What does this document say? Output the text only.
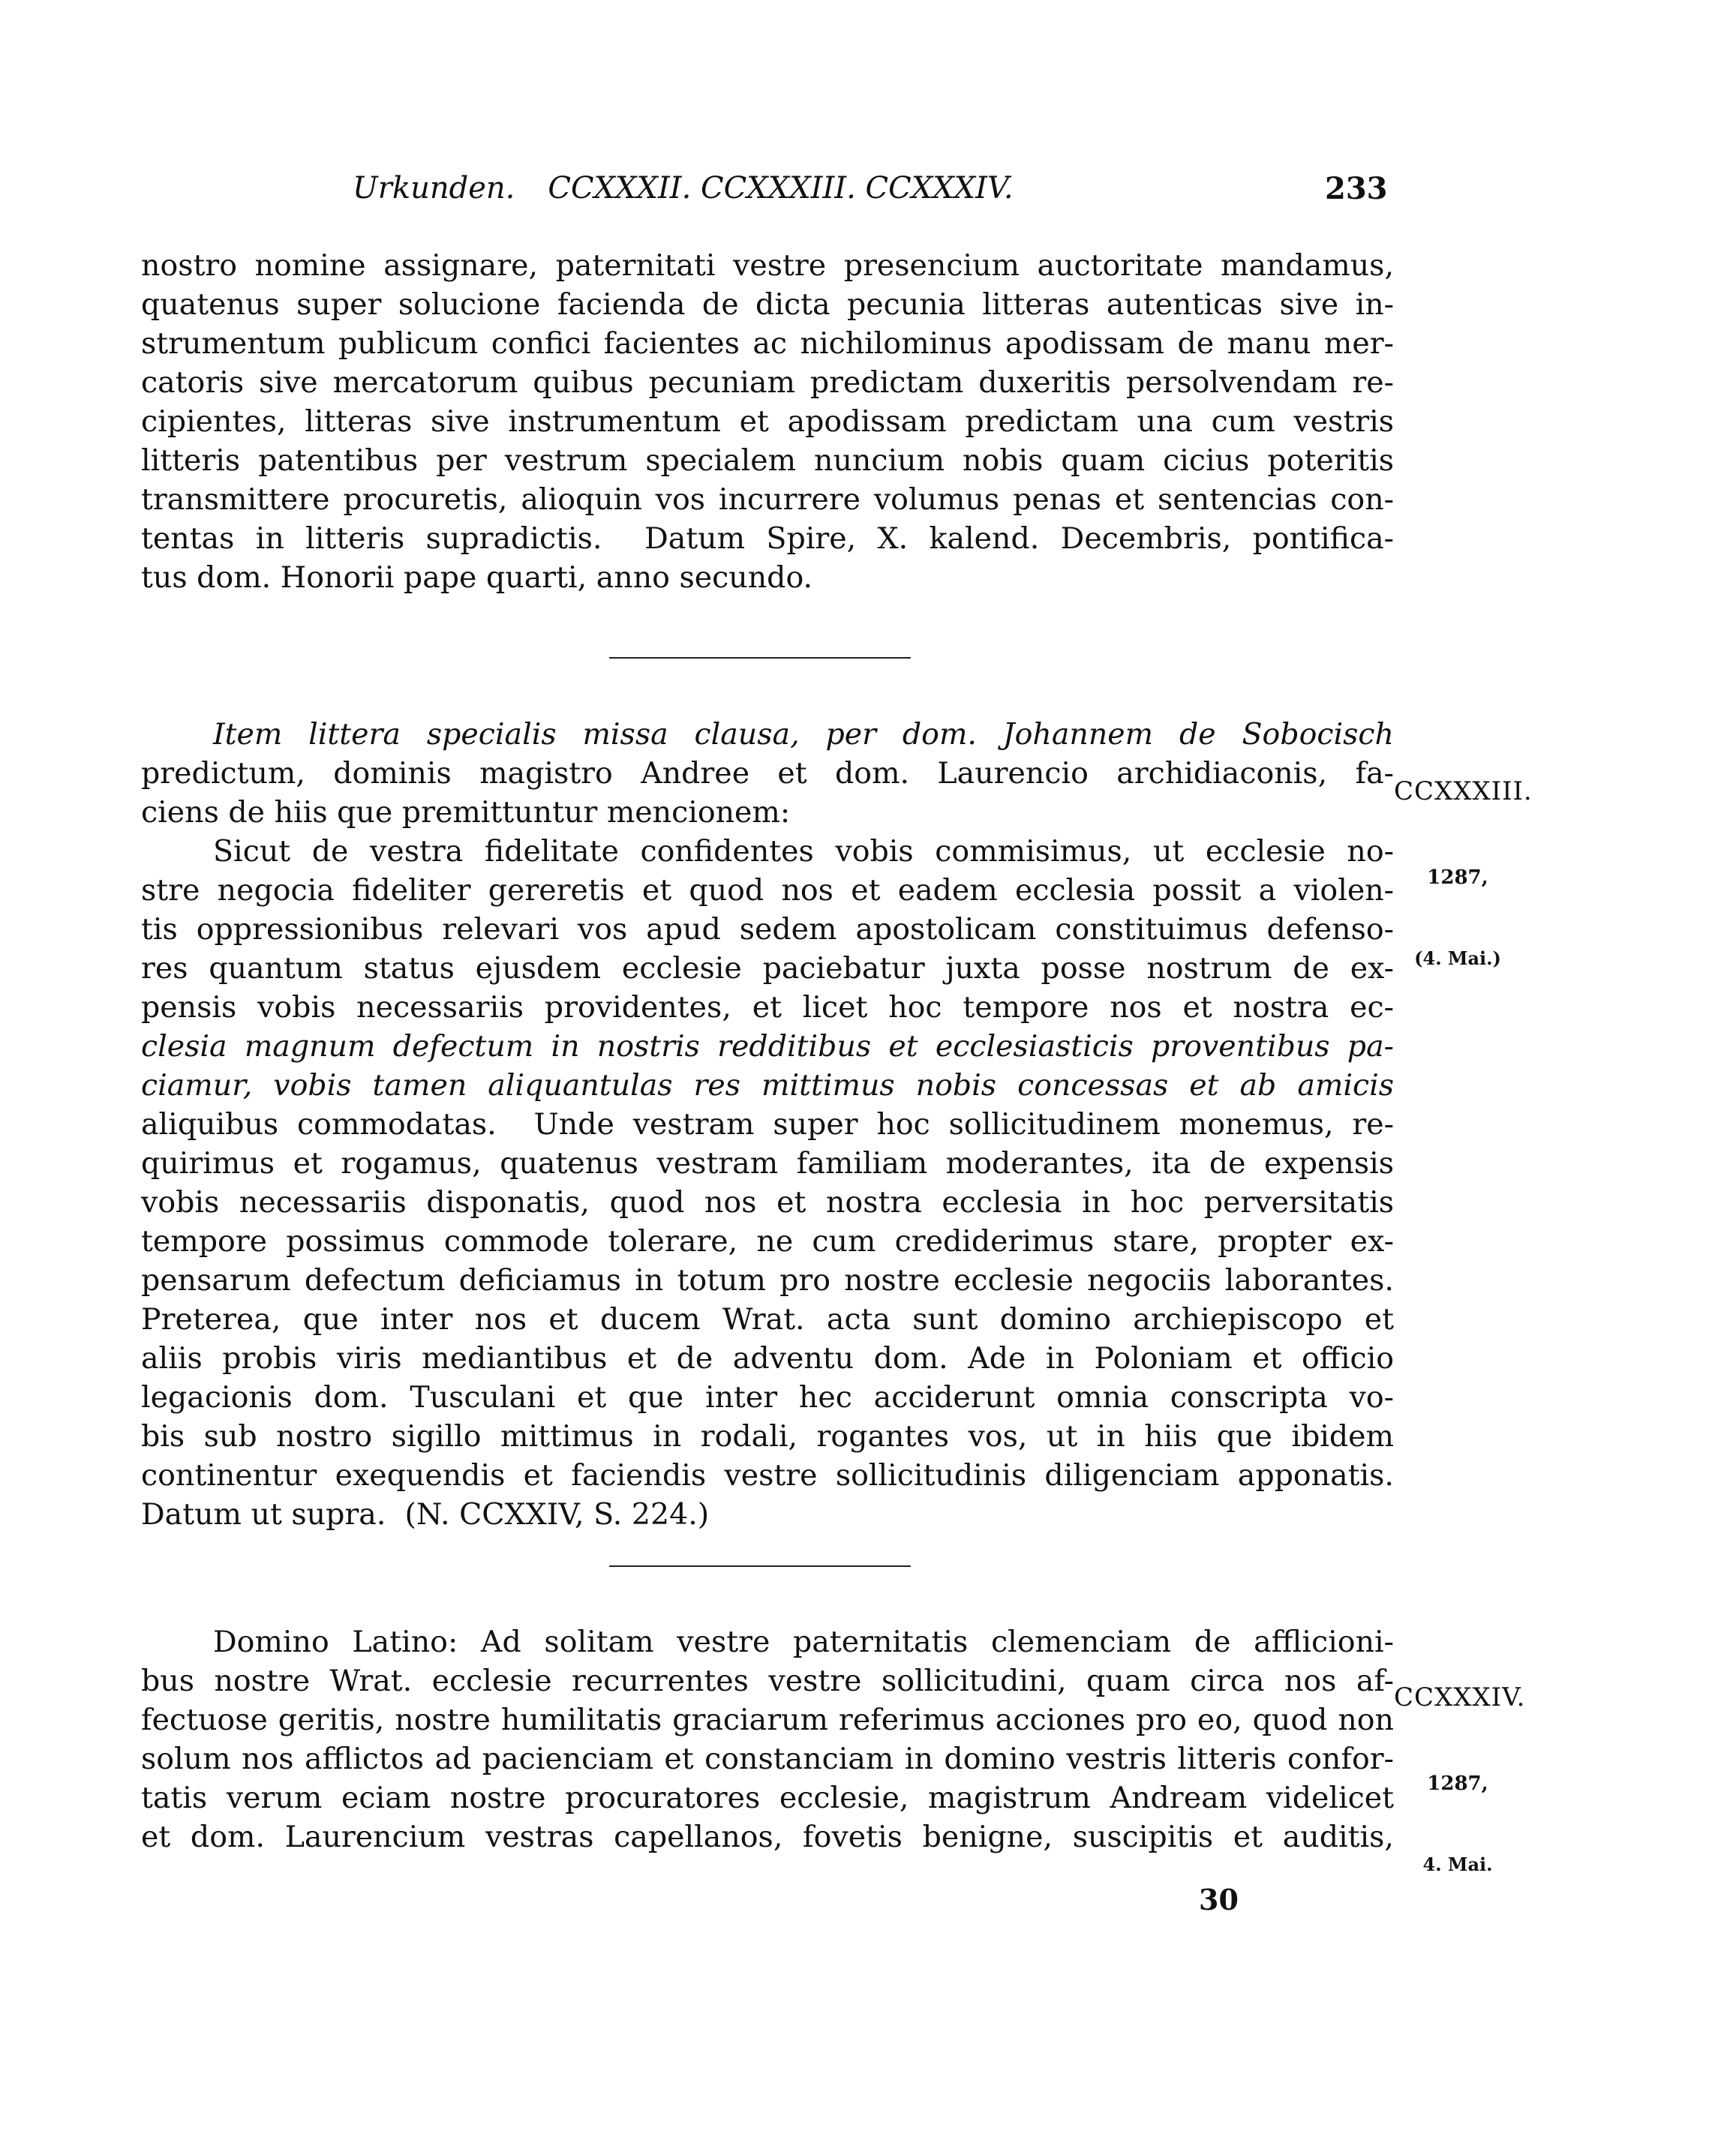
Urkunden. CCXXXII. CCXXXIII. CCXXXIV.	233
nostro nomine assignare, paternitati vestre presencium auctoritate mandamus,
quatenus super solucione facienda de dicta pecunia litteras autenticas sive in-
strumentum publicum confici facientes ac nichilominus apodissam de manu mer-
catoris sive mercatorum quibus pecuniam predictam duxeritis persolvendam re-
cipientes, litteras sive instrumentum et apodissam predictam una cum vestris
litteris patentibus per vestrum specialem nuncium nobis quam cicius poteritis
transmittere procuretis, alioquin vos incurrere volumus penas et sentencias con-
tentas in litteris supradictis.  Datum Spire, X. kalend. Decembris, pontifica-
tus dom. Honorii pape quarti, anno secundo.

CCXXXIII.

1287,

(4. Mai.)

Item littera specialis missa clausa, per dom. Johannem de Sobocisch
predictum, dominis magistro Andree et dom. Laurencio archidiaconis, fa-
ciens de hiis que premittuntur mencionem:
Sicut de vestra fidelitate confidentes vobis commisimus, ut ecclesie no-
stre negocia fideliter gereretis et quod nos et eadem ecclesia possit a violen-
tis oppressionibus relevari vos apud sedem apostolicam constituimus defenso-
res quantum status ejusdem ecclesie paciebatur juxta posse nostrum de ex-
pensis vobis necessariis providentes, et licet hoc tempore nos et nostra ec-
clesia magnum defectum in nostris redditibus et ecclesiasticis proventibus pa-
ciamur, vobis tamen aliquantulas res mittimus nobis concessas et ab amicis
aliquibus commodatas.  Unde vestram super hoc sollicitudinem monemus, re-
quirimus et rogamus, quatenus vestram familiam moderantes, ita de expensis
vobis necessariis disponatis, quod nos et nostra ecclesia in hoc perversitatis
tempore possimus commode tolerare, ne cum crediderimus stare, propter ex-
pensarum defectum deficiamus in totum pro nostre ecclesie negociis laborantes.
Preterea, que inter nos et ducem Wrat. acta sunt domino archiepiscopo et
aliis probis viris mediantibus et de adventu dom. Ade in Poloniam et officio
legacionis dom. Tusculani et que inter hec acciderunt omnia conscripta vo-
bis sub nostro sigillo mittimus in rodali, rogantes vos, ut in hiis que ibidem
continentur exequendis et faciendis vestre sollicitudinis diligenciam apponatis.
Datum ut supra.  (N. CCXXIV, S. 224.)

CCXXXIV.

1287,

4. Mai.

Domino Latino: Ad solitam vestre paternitatis clemenciam de afflicioni-
bus nostre Wrat. ecclesie recurrentes vestre sollicitudini, quam circa nos af-
fectuose geritis, nostre humilitatis graciarum referimus acciones pro eo, quod non
solum nos afflictos ad pacienciam et constanciam in domino vestris litteris confor-
tatis verum eciam nostre procuratores ecclesie, magistrum Andream videlicet
et dom. Laurencium vestras capellanos, fovetis benigne, suscipitis et auditis,
30
